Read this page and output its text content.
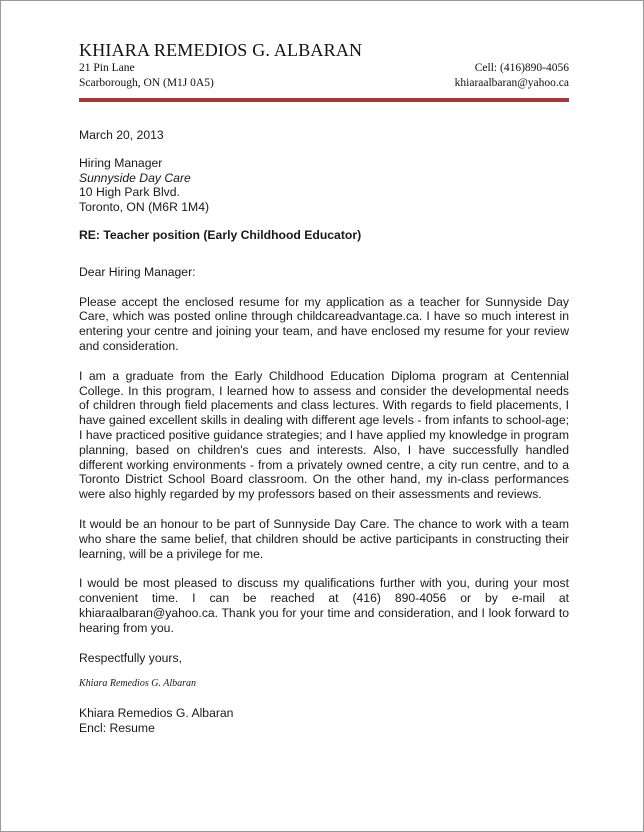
KHIARA REMEDIOS G. ALBARAN

21 Pin Lane	Cell: (416)890-4056
Scarborough, ON (M1J 0A5)	khiaraalbaran@yahoo.ca

March 20, 2013

Hiring Manager

Sunnyside Day Care

10 High Park Blvd.

Toronto, ON (M6R 1M4)

RE: Teacher position (Early Childhood Educator)

Dear Hiring Manager:

Please accept the enclosed resume for my application as a teacher for Sunnyside Day Care, which was posted online through childcareadvantage.ca. I have so much interest in entering your centre and joining your team, and have enclosed my resume for your review and consideration.

I am a graduate from the Early Childhood Education Diploma program at Centennial College. In this program, I learned how to assess and consider the developmental needs of children through field placements and class lectures. With regards to field placements, I have gained excellent skills in dealing with different age levels - from infants to school-age; I have practiced positive guidance strategies; and I have applied my knowledge in program planning, based on children's cues and interests. Also, I have successfully handled different working environments - from a privately owned centre, a city run centre, and to a Toronto District School Board classroom. On the other hand, my in-class performances were also highly regarded by my professors based on their assessments and reviews.

It would be an honour to be part of Sunnyside Day Care. The chance to work with a team who share the same belief, that children should be active participants in constructing their learning, will be a privilege for me.

I would be most pleased to discuss my qualifications further with you, during your most convenient time. I can be reached at (416) 890-4056 or by e-mail at khiaraalbaran@yahoo.ca. Thank you for your time and consideration, and I look forward to hearing from you.

Respectfully yours,

Khiara Remedios G. Albaran

Khiara Remedios G. Albaran

Encl: Resume
